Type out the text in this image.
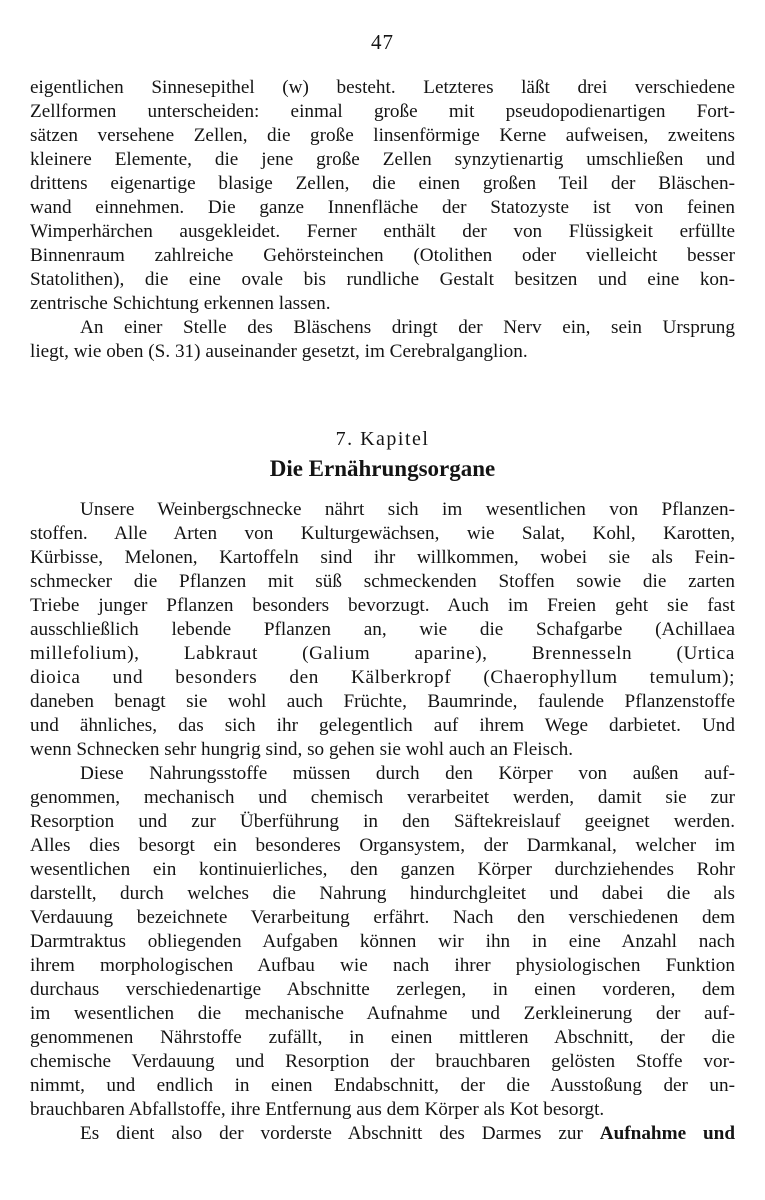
47
eigentlichen Sinnesepithel (w) besteht. Letzteres läßt drei verschiedene
Zellformen unterscheiden: einmal große mit pseudopodienartigen Fort-
sätzen versehene Zellen, die große linsenförmige Kerne aufweisen, zweitens
kleinere Elemente, die jene große Zellen synzytienartig umschließen und
drittens eigenartige blasige Zellen, die einen großen Teil der Bläschen-
wand einnehmen. Die ganze Innenfläche der Statozyste ist von feinen
Wimperhärchen ausgekleidet. Ferner enthält der von Flüssigkeit erfüllte
Binnenraum zahlreiche Gehörsteinchen (Otolithen oder vielleicht besser
Statolithen), die eine ovale bis rundliche Gestalt besitzen und eine kon-
zentrische Schichtung erkennen lassen.
An einer Stelle des Bläschens dringt der Nerv ein, sein Ursprung
liegt, wie oben (S. 31) auseinander gesetzt, im Cerebralganglion.
7. Kapitel
Die Ernährungsorgane
Unsere Weinbergschnecke nährt sich im wesentlichen von Pflanzen-
stoffen. Alle Arten von Kulturgewächsen, wie Salat, Kohl, Karotten,
Kürbisse, Melonen, Kartoffeln sind ihr willkommen, wobei sie als Fein-
schmecker die Pflanzen mit süß schmeckenden Stoffen sowie die zarten
Triebe junger Pflanzen besonders bevorzugt. Auch im Freien geht sie fast
ausschließlich lebende Pflanzen an, wie die Schafgarbe (Achillaea
millefolium), Labkraut (Galium aparine), Brennesseln (Urtica
dioica und besonders den Kälberkropf (Chaerophyllum temulum);
daneben benagt sie wohl auch Früchte, Baumrinde, faulende Pflanzenstoffe
und ähnliches, das sich ihr gelegentlich auf ihrem Wege darbietet. Und
wenn Schnecken sehr hungrig sind, so gehen sie wohl auch an Fleisch.
Diese Nahrungsstoffe müssen durch den Körper von außen auf-
genommen, mechanisch und chemisch verarbeitet werden, damit sie zur
Resorption und zur Überführung in den Säftekreislauf geeignet werden.
Alles dies besorgt ein besonderes Organsystem, der Darmkanal, welcher im
wesentlichen ein kontinuierliches, den ganzen Körper durchziehendes Rohr
darstellt, durch welches die Nahrung hindurchgleitet und dabei die als
Verdauung bezeichnete Verarbeitung erfährt. Nach den verschiedenen dem
Darmtraktus obliegenden Aufgaben können wir ihn in eine Anzahl nach
ihrem morphologischen Aufbau wie nach ihrer physiologischen Funktion
durchaus verschiedenartige Abschnitte zerlegen, in einen vorderen, dem
im wesentlichen die mechanische Aufnahme und Zerkleinerung der auf-
genommenen Nährstoffe zufällt, in einen mittleren Abschnitt, der die
chemische Verdauung und Resorption der brauchbaren gelösten Stoffe vor-
nimmt, und endlich in einen Endabschnitt, der die Ausstoßung der un-
brauchbaren Abfallstoffe, ihre Entfernung aus dem Körper als Kot besorgt.
Es dient also der vorderste Abschnitt des Darmes zur Aufnahme und
